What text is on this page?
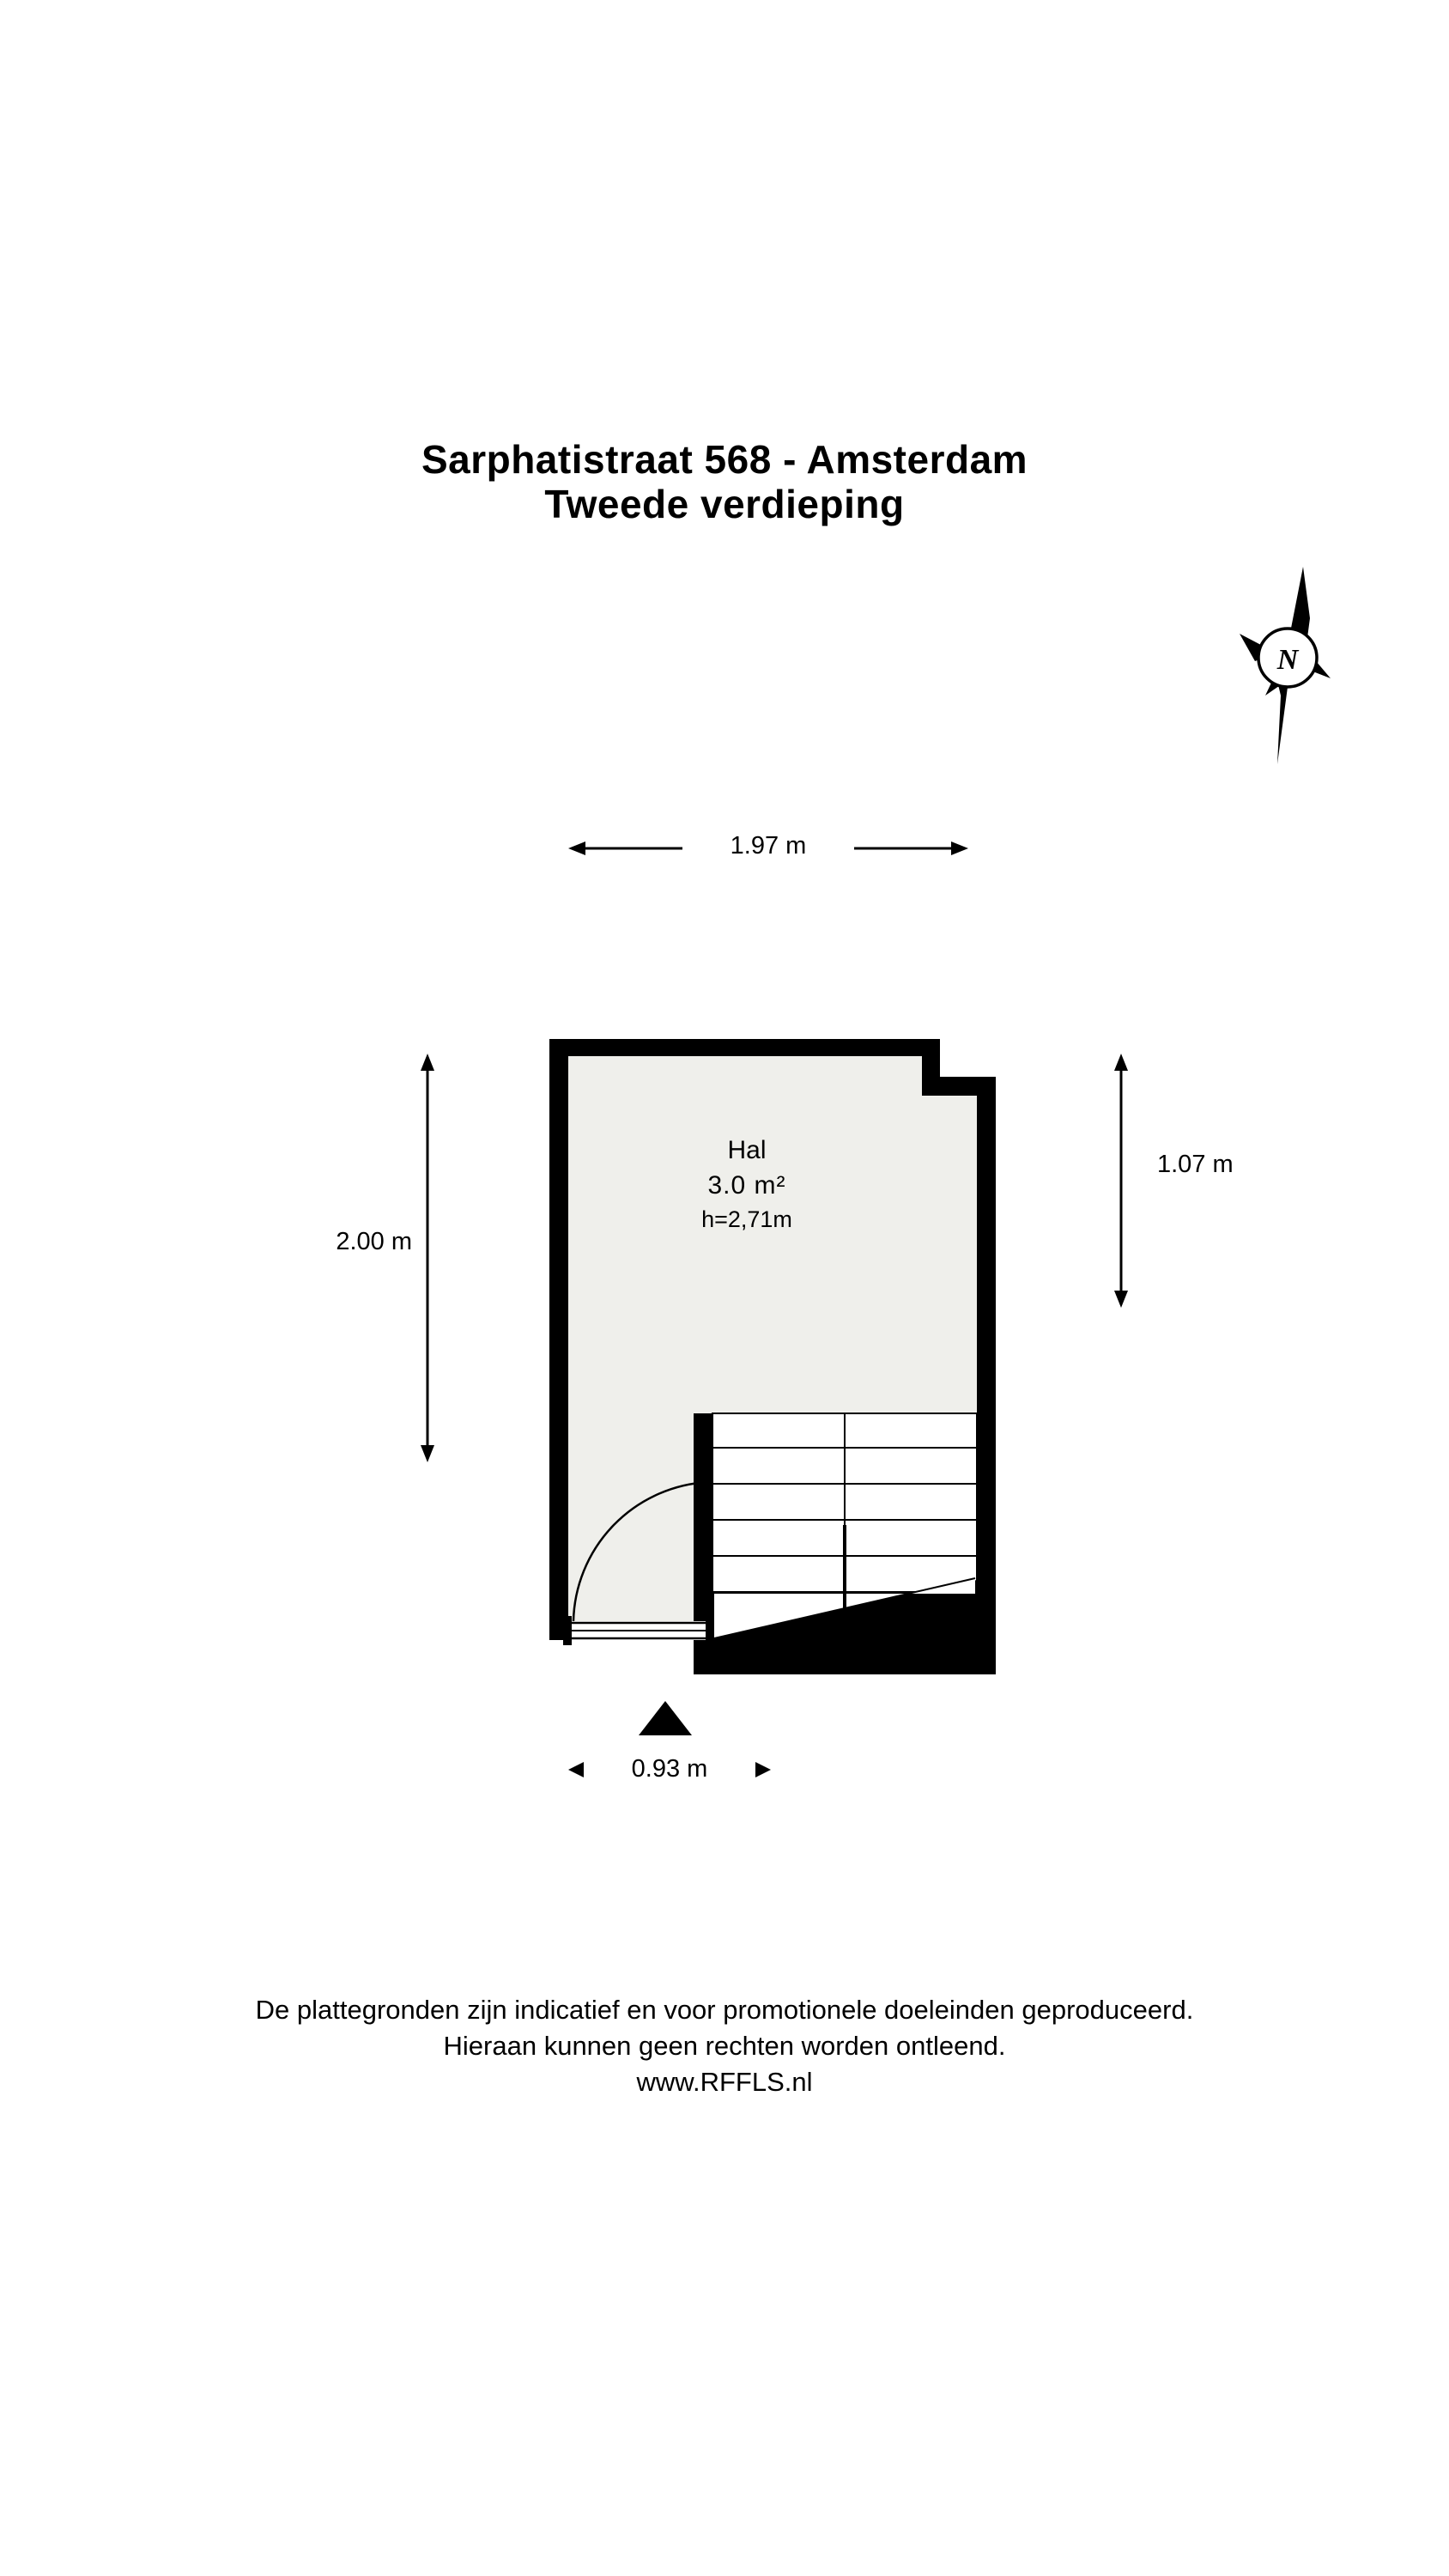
Sarphatistraat 568 - Amsterdam
Tweede verdieping
N
1.97 m
2.00 m
1.07 m
0.93 m
Hal
3.0 m²
h=2,71m
De plattegronden zijn indicatief en voor promotionele doeleinden geproduceerd.
Hieraan kunnen geen rechten worden ontleend.
www.RFFLS.nl
